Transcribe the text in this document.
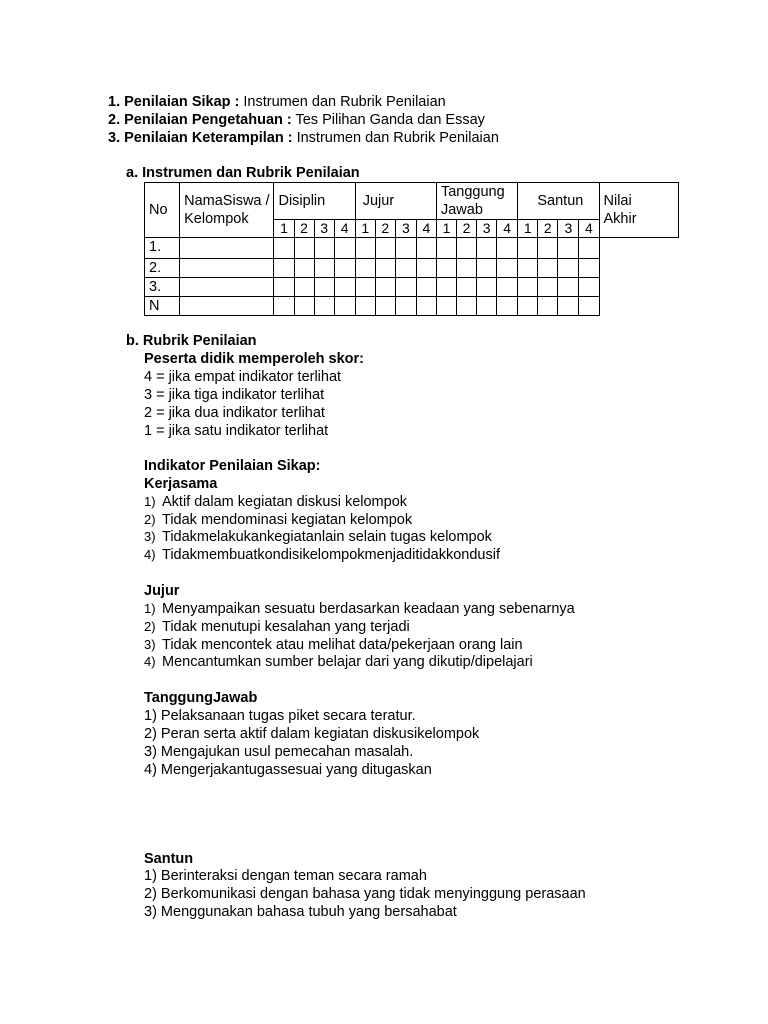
1. Penilaian Sikap : Instrumen dan Rubrik Penilaian
2. Penilaian Pengetahuan : Tes Pilihan Ganda dan Essay
3. Penilaian Keterampilan : Instrumen dan Rubrik Penilaian
a. Instrumen dan Rubrik Penilaian
No	NamaSiswa / Kelompok	Disiplin				Jujur				Tanggung Jawab				Santun				Nilai Akhir

		1	2	3	4	1	2	3	4	1	2	3	4	1	2	3	4	
1.																		
2.																		
3.																		
N																		
b. Rubrik Penilaian
Peserta didik memperoleh skor:
4 = jika empat indikator terlihat
3 = jika tiga indikator terlihat
2 = jika dua indikator terlihat
1 = jika satu indikator terlihat
Indikator Penilaian Sikap:
Kerjasama
1) Aktif dalam kegiatan diskusi kelompok
2) Tidak mendominasi kegiatan kelompok
3) Tidakmelakukankegiatanlain selain tugas kelompok
4) Tidakmembuatkondisikelompokmenjaditidakkondusif
Jujur
1) Menyampaikan sesuatu berdasarkan keadaan yang sebenarnya
2) Tidak menutupi kesalahan yang terjadi
3) Tidak mencontek atau melihat data/pekerjaan orang lain
4) Mencantumkan sumber belajar dari yang dikutip/dipelajari
TanggungJawab
1) Pelaksanaan tugas piket secara teratur.
2) Peran serta aktif dalam kegiatan diskusikelompok
3) Mengajukan usul pemecahan masalah.
4) Mengerjakantugassesuai yang ditugaskan
Santun
1) Berinteraksi dengan teman secara ramah
2) Berkomunikasi dengan bahasa yang tidak menyinggung perasaan
3) Menggunakan bahasa tubuh yang bersahabat
